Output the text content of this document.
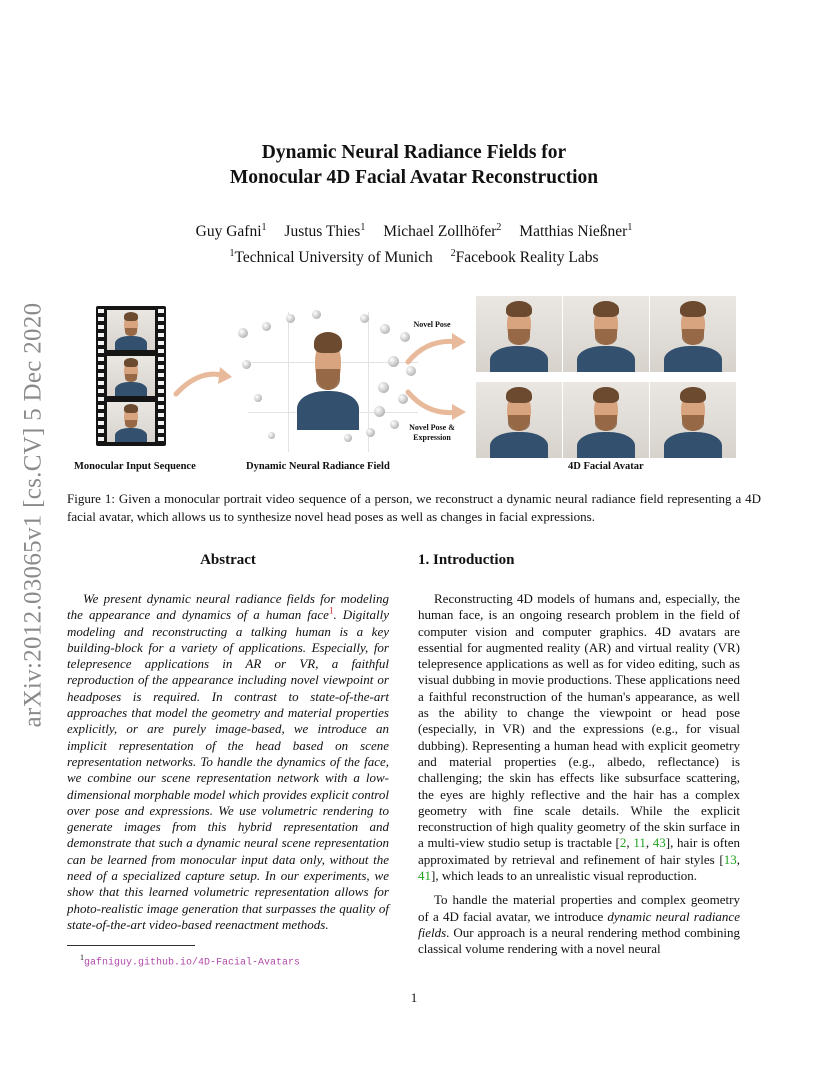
arXiv:2012.03065v1 [cs.CV] 5 Dec 2020
Dynamic Neural Radiance Fields for
Monocular 4D Facial Avatar Reconstruction
Guy Gafni$^1$ Justus Thies$^1$ Michael Zollhöfer$^2$ Matthias Nießner$^1$
$^1$Technical University of Munich $^2$Facebook Reality Labs
Novel Pose
Novel Pose &
Expression
Monocular Input Sequence	Dynamic Neural Radiance Field	4D Facial Avatar
Figure 1: Given a monocular portrait video sequence of a person, we reconstruct a dynamic neural radiance field representing a 4D facial avatar, which allows us to synthesize novel head poses as well as changes in facial expressions.
Abstract

We present dynamic neural radiance fields for modeling the appearance and dynamics of a human face$^1$. Digitally modeling and reconstructing a talking human is a key building-block for a variety of applications. Especially, for telepresence applications in AR or VR, a faithful reproduction of the appearance including novel viewpoint or headposes is required. In contrast to state-of-the-art approaches that model the geometry and material properties explicitly, or are purely image-based, we introduce an implicit representation of the head based on scene representation networks. To handle the dynamics of the face, we combine our scene representation network with a low-dimensional morphable model which provides explicit control over pose and expressions. We use volumetric rendering to generate images from this hybrid representation and demonstrate that such a dynamic neural scene representation can be learned from monocular input data only, without the need of a specialized capture setup. In our experiments, we show that this learned volumetric representation allows for photo-realistic image generation that surpasses the quality of state-of-the-art video-based reenactment methods.

1. Introduction

Reconstructing 4D models of humans and, especially, the human face, is an ongoing research problem in the field of computer vision and computer graphics. 4D avatars are essential for augmented reality (AR) and virtual reality (VR) telepresence applications as well as for video editing, such as visual dubbing in movie productions. These applications need a faithful reconstruction of the human's appearance, as well as the ability to change the viewpoint or head pose (especially, in VR) and the expressions (e.g., for visual dubbing). Representing a human head with explicit geometry and material properties (e.g., albedo, reflectance) is challenging; the skin has effects like subsurface scattering, the eyes are highly reflective and the hair has a complex geometry with fine scale details. While the explicit reconstruction of high quality geometry of the skin surface in a multi-view studio setup is tractable [2, 11, 43], hair is often approximated by retrieval and refinement of hair styles [13, 41], which leads to an unrealistic visual reproduction.

To handle the material properties and complex geometry of a 4D facial avatar, we introduce dynamic neural radiance fields. Our approach is a neural rendering method combining classical volume rendering with a novel neural

$^1$gafniguy.github.io/4D-Facial-Avatars
1
